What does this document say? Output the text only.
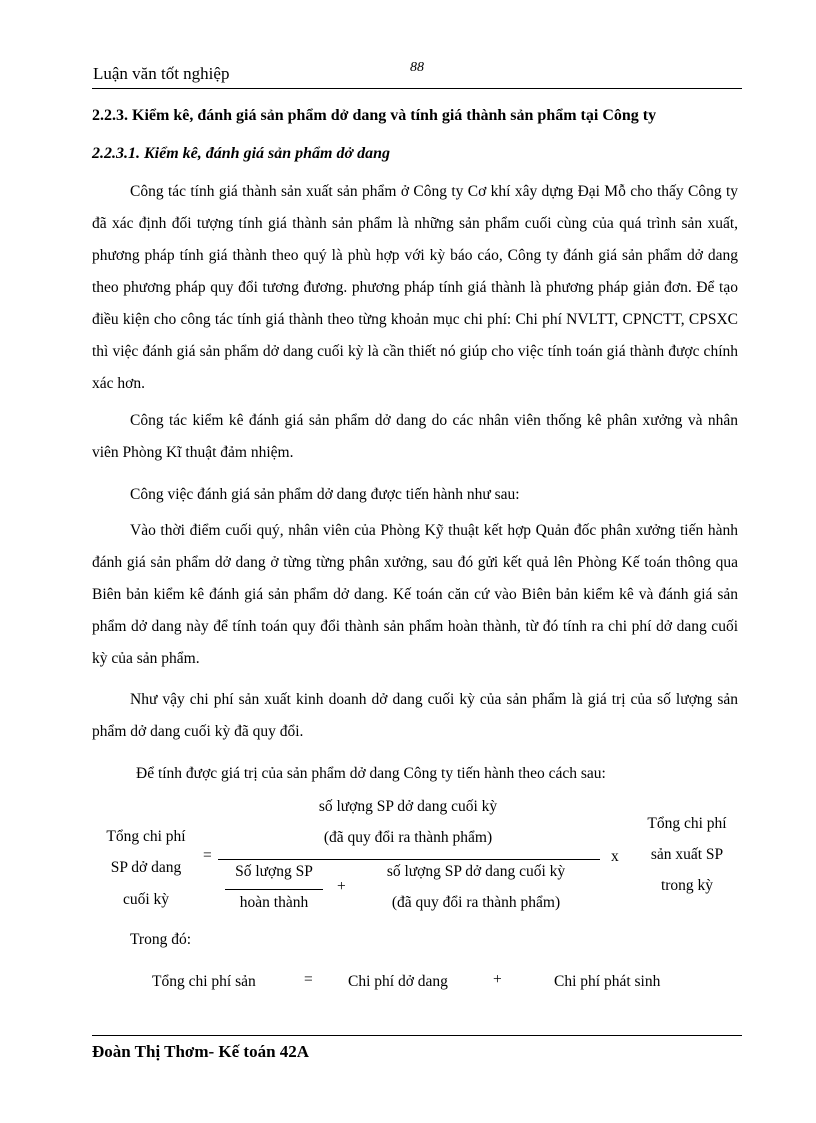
Luận văn tốt nghiệp	88
2.2.3. Kiểm kê, đánh giá sản phẩm dở dang và tính giá thành sản phẩm tại Công ty
2.2.3.1. Kiểm kê, đánh giá sản phẩm dở dang
Công tác tính giá thành sản xuất sản phẩm ở Công ty Cơ khí xây dựng Đại Mỗ cho thấy Công ty đã xác định đối tượng tính giá thành sản phẩm là những sản phẩm cuối cùng của quá trình sản xuất, phương pháp tính giá thành theo quý là phù hợp với kỳ báo cáo, Công ty đánh giá sản phẩm dở dang theo phương pháp quy đổi tương đương. phương pháp tính giá thành là phương pháp giản đơn. Để tạo điều kiện cho công tác tính giá thành theo từng khoản mục chi phí: Chi phí NVLTT, CPNCTT, CPSXC thì việc đánh giá sản phẩm dở dang cuối kỳ là cần thiết nó giúp cho việc tính toán giá thành được chính xác hơn.
Công tác kiểm kê đánh giá sản phẩm dở dang do các nhân viên thống kê phân xưởng và nhân viên Phòng Kĩ thuật đảm nhiệm.
Công việc đánh giá sản phẩm dở dang được tiến hành như sau:
Vào thời điểm cuối quý, nhân viên của Phòng Kỹ thuật kết hợp Quản đốc phân xưởng tiến hành đánh giá sản phẩm dở dang ở từng từng phân xưởng, sau đó gửi kết quả lên Phòng Kế toán thông qua Biên bản kiểm kê đánh giá sản phẩm dở dang. Kế toán căn cứ vào Biên bản kiểm kê và đánh giá sản phẩm dở dang này để tính toán quy đổi thành sản phẩm hoàn thành, từ đó tính ra chi phí dở dang cuối kỳ của sản phẩm.
Như vậy chi phí sản xuất kinh doanh dở dang cuối kỳ của sản phẩm là giá trị của số lượng sản phẩm dở dang cuối kỳ đã quy đổi.
Để tính được giá trị của sản phẩm dở dang Công ty tiến hành theo cách sau:
Tổng chi phí
SP dở dang
cuối kỳ
=
số lượng SP dở dang cuối kỳ
(đã quy đổi ra thành phẩm)
Số lượng SP
hoàn thành
+
số lượng SP dở dang cuối kỳ
(đã quy đổi ra thành phẩm)
x
Tổng chi phí
sản xuất SP
trong kỳ
Trong đó:
Tổng chi phí sản	= Chi phí dở dang	+	Chi phí phát sinh
Đoàn Thị Thơm- Kế toán 42A
